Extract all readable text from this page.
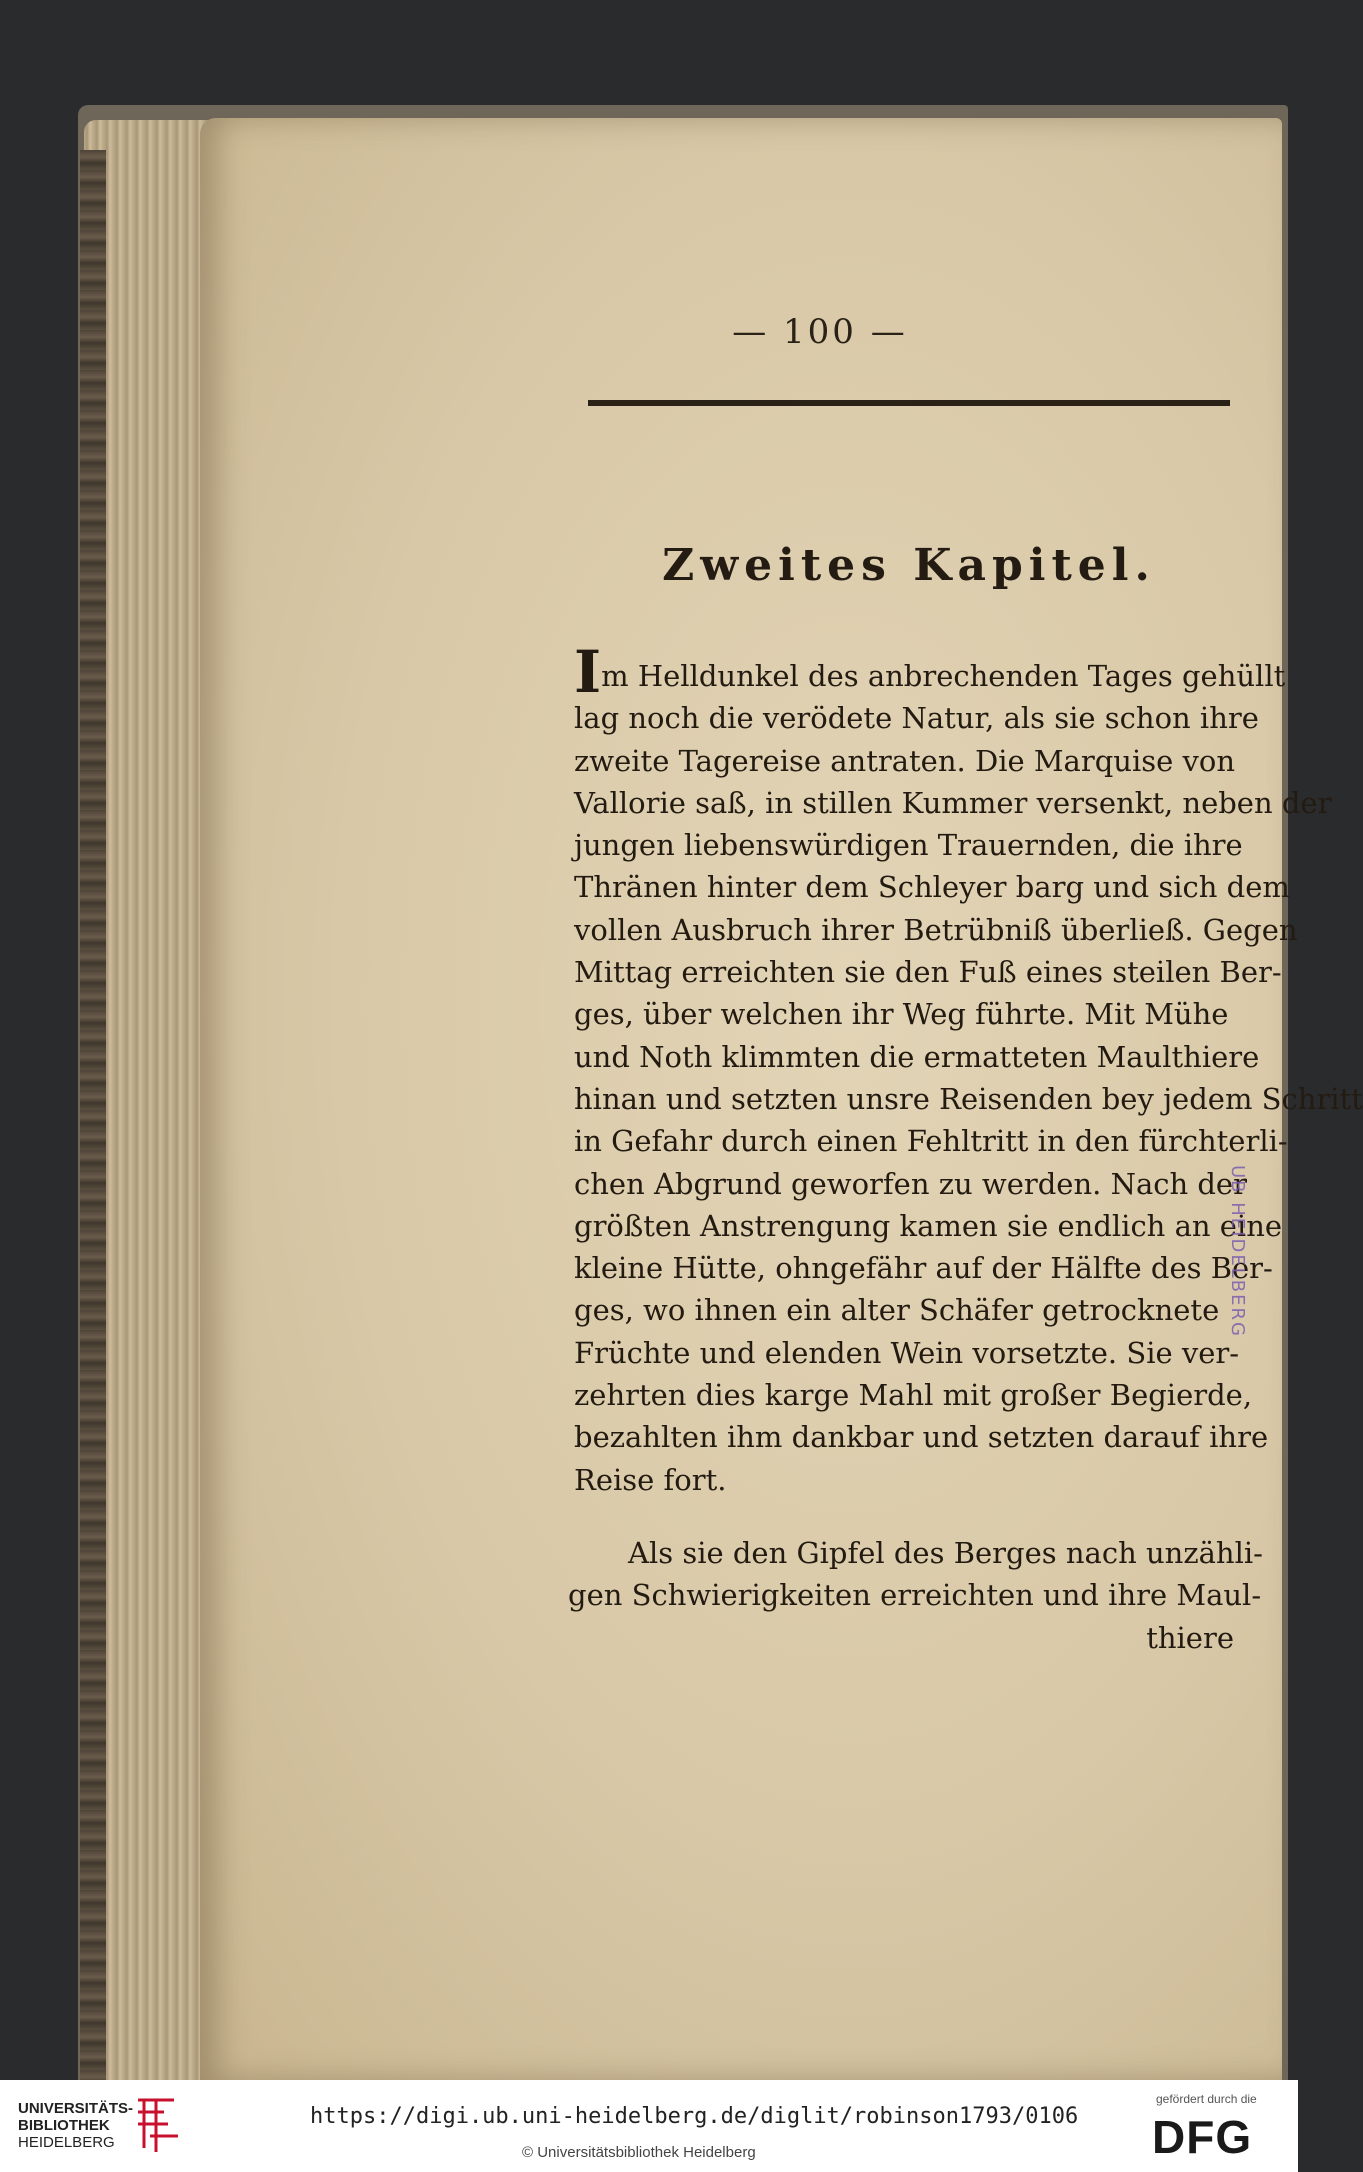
— 100 —
Zweites Kapitel.
Im Helldunkel des anbrechenden Tages gehüllt
lag noch die verödete Natur, als sie schon ihre
zweite Tagereise antraten. Die Marquise von
Vallorie saß, in stillen Kummer versenkt, neben der
jungen liebenswürdigen Trauernden, die ihre
Thränen hinter dem Schleyer barg und sich dem
vollen Ausbruch ihrer Betrübniß überließ. Gegen
Mittag erreichten sie den Fuß eines steilen Ber-
ges, über welchen ihr Weg führte. Mit Mühe
und Noth klimmten die ermatteten Maulthiere
hinan und setzten unsre Reisenden bey jedem Schritt
in Gefahr durch einen Fehltritt in den fürchterli-
chen Abgrund geworfen zu werden. Nach der
größten Anstrengung kamen sie endlich an eine
kleine Hütte, ohngefähr auf der Hälfte des Ber-
ges, wo ihnen ein alter Schäfer getrocknete
Früchte und elenden Wein vorsetzte. Sie ver-
zehrten dies karge Mahl mit großer Begierde,
bezahlten ihm dankbar und setzten darauf ihre
Reise fort.
Als sie den Gipfel des Berges nach unzähli-
gen Schwierigkeiten erreichten und ihre Maul-
thiere
UB HEIDELBERG
UNIVERSITÄTS-
BIBLIOTHEK
HEIDELBERG
https://digi.ub.uni-heidelberg.de/diglit/robinson1793/0106
© Universitätsbibliothek Heidelberg
gefördert durch die
DFG
